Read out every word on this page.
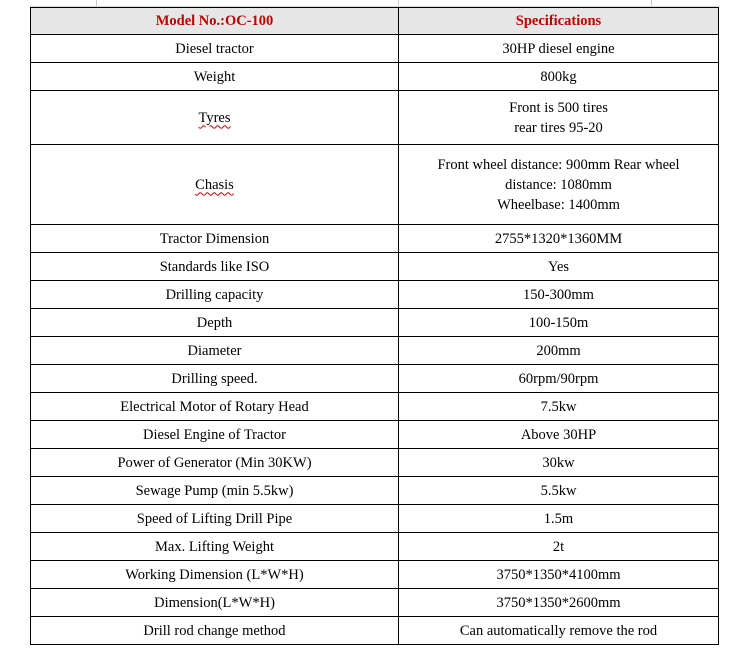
Model No.:OC-100	Specifications
Diesel tractor	30HP diesel engine

Weight	800kg

Tyres	Front is 500 tires
rear tires 95-20

Chasis	Front wheel distance: 900mm Rear wheel
distance: 1080mm
Wheelbase: 1400mm

Tractor Dimension	2755*1320*1360MM

Standards like ISO	Yes

Drilling capacity	150-300mm

Depth	100-150m

Diameter	200mm

Drilling speed.	60rpm/90rpm

Electrical Motor of Rotary Head	7.5kw

Diesel Engine of Tractor	Above 30HP

Power of Generator (Min 30KW)	30kw

Sewage Pump (min 5.5kw)	5.5kw

Speed of Lifting Drill Pipe	1.5m

Max. Lifting Weight	2t

Working Dimension (L*W*H)	3750*1350*4100mm

Dimension(L*W*H)	3750*1350*2600mm

Drill rod change method	Can automatically remove the rod
